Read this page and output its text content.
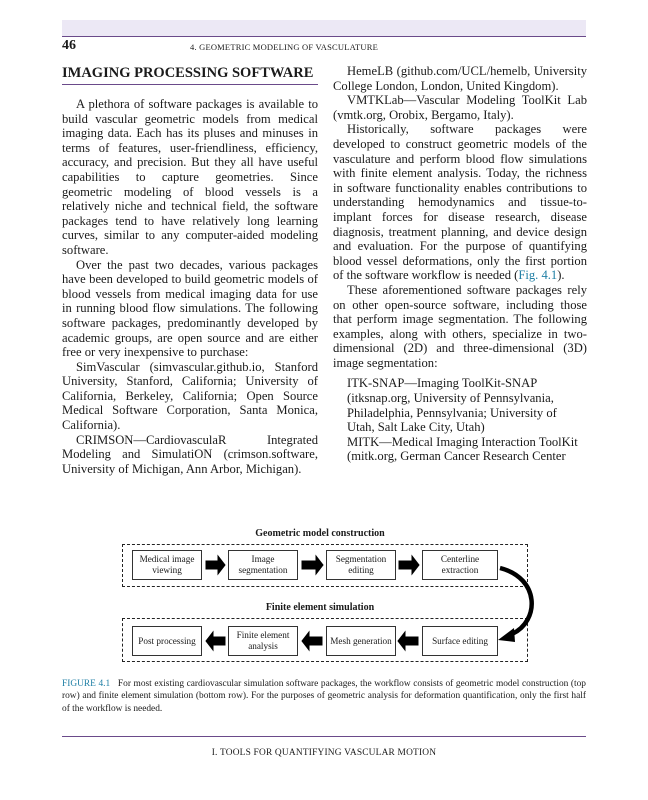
46	4. GEOMETRIC MODELING OF VASCULATURE
IMAGING PROCESSING SOFTWARE

A plethora of software packages is available to build vascular geometric models from medical imaging data. Each has its pluses and minuses in terms of features, user-friendliness, efficiency, accuracy, and precision. But they all have useful capabilities to capture geometries. Since geometric modeling of blood vessels is a relatively niche and technical field, the software packages tend to have relatively long learning curves, similar to any computer-aided modeling software.

Over the past two decades, various packages have been developed to build geometric models of blood vessels from medical imaging data for use in running blood flow simulations. The following software packages, predominantly developed by academic groups, are open source and are either free or very inexpensive to purchase:

SimVascular (simvascular.github.io, Stanford University, Stanford, California; University of California, Berkeley, California; Open Source Medical Software Corporation, Santa Monica, California).

CRIMSON—CardiovasculaR Integrated Modeling and SimulatiON (crimson.software, University of Michigan, Ann Arbor, Michigan).

HemeLB (github.com/UCL/hemelb, University College London, London, United Kingdom).

VMTKLab—Vascular Modeling ToolKit Lab (vmtk.org, Orobix, Bergamo, Italy).

Historically, software packages were developed to construct geometric models of the vasculature and perform blood flow simulations with finite element analysis. Today, the richness in software functionality enables contributions to understanding hemodynamics and tissue-to-implant forces for disease research, disease diagnosis, treatment planning, and device design and evaluation. For the purpose of quantifying blood vessel deformations, only the first portion of the software workflow is needed (Fig. 4.1).

These aforementioned software packages rely on other open-source software, including those that perform image segmentation. The following examples, along with others, specialize in two-dimensional (2D) and three-dimensional (3D) image segmentation:

ITK-SNAP—Imaging ToolKit-SNAP (itksnap.org, University of Pennsylvania, Philadelphia, Pennsylvania; University of Utah, Salt Lake City, Utah)

MITK—Medical Imaging Interaction ToolKit (mitk.org, German Cancer Research Center

Geometric model construction
Finite element simulation
Medical image viewing
Image segmentation
Segmentation editing
Centerline extraction
Post processing
Finite element analysis
Mesh generation	Surface editing
FIGURE 4.1 For most existing cardiovascular simulation software packages, the workflow consists of geometric model construction (top row) and finite element simulation (bottom row). For the purposes of geometric analysis for deformation quantification, only the first half of the workflow is needed.
I. TOOLS FOR QUANTIFYING VASCULAR MOTION
